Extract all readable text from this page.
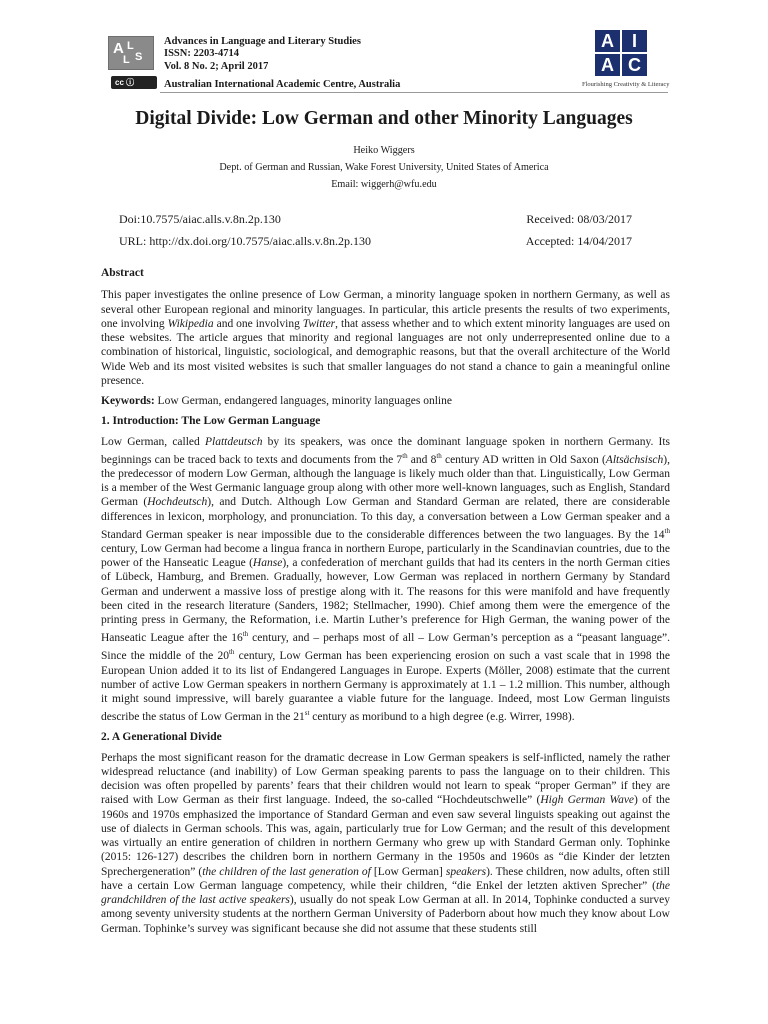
A L
S
L
Advances in Language and Literary Studies
ISSN: 2203-4714
Vol. 8 No. 2; April 2017
cc ⓘ	Australian International Academic Centre, Australia
A I
A C
Flourishing Creativity & Literacy
Digital Divide: Low German and other Minority Languages
Heiko Wiggers
Dept. of German and Russian, Wake Forest University, United States of America
Email: wiggerh@wfu.edu
Doi:10.7575/aiac.alls.v.8n.2p.130	Received: 08/03/2017
URL: http://dx.doi.org/10.7575/aiac.alls.v.8n.2p.130	Accepted: 14/04/2017
Abstract

This paper investigates the online presence of Low German, a minority language spoken in northern Germany, as well as several other European regional and minority languages. In particular, this article presents the results of two experiments, one involving Wikipedia and one involving Twitter, that assess whether and to which extent minority languages are used on these websites. The article argues that minority and regional languages are not only underrepresented online due to a combination of historical, linguistic, sociological, and demographic reasons, but that the overall architecture of the World Wide Web and its most visited websites is such that smaller languages do not stand a chance to gain a meaningful online presence.

Keywords: Low German, endangered languages, minority languages online

1. Introduction: The Low German Language

Low German, called Plattdeutsch by its speakers, was once the dominant language spoken in northern Germany. Its beginnings can be traced back to texts and documents from the 7th and 8th century AD written in Old Saxon (Altsächsisch), the predecessor of modern Low German, although the language is likely much older than that. Linguistically, Low German is a member of the West Germanic language group along with other more well-known languages, such as English, Standard German (Hochdeutsch), and Dutch. Although Low German and Standard German are related, there are considerable differences in lexicon, morphology, and pronunciation. To this day, a conversation between a Low German speaker and a Standard German speaker is near impossible due to the considerable differences between the two languages. By the 14th century, Low German had become a lingua franca in northern Europe, particularly in the Scandinavian countries, due to the power of the Hanseatic League (Hanse), a confederation of merchant guilds that had its centers in the north German cities of Lübeck, Hamburg, and Bremen. Gradually, however, Low German was replaced in northern Germany by Standard German and underwent a massive loss of prestige along with it. The reasons for this were manifold and have frequently been cited in the research literature (Sanders, 1982; Stellmacher, 1990). Chief among them were the emergence of the printing press in Germany, the Reformation, i.e. Martin Luther’s preference for High German, the waning power of the Hanseatic League after the 16th century, and – perhaps most of all – Low German’s perception as a “peasant language”. Since the middle of the 20th century, Low German has been experiencing erosion on such a vast scale that in 1998 the European Union added it to its list of Endangered Languages in Europe. Experts (Möller, 2008) estimate that the current number of active Low German speakers in northern Germany is approximately at 1.1 – 1.2 million. This number, although it might sound impressive, will barely guarantee a viable future for the language. Indeed, most Low German linguists describe the status of Low German in the 21st century as moribund to a high degree (e.g. Wirrer, 1998).

2. A Generational Divide

Perhaps the most significant reason for the dramatic decrease in Low German speakers is self-inflicted, namely the rather widespread reluctance (and inability) of Low German speaking parents to pass the language on to their children. This decision was often propelled by parents’ fears that their children would not learn to speak “proper German” if they are raised with Low German as their first language. Indeed, the so-called “Hochdeutschwelle” (High German Wave) of the 1960s and 1970s emphasized the importance of Standard German and even saw several linguists speaking out against the use of dialects in German schools. This was, again, particularly true for Low German; and the result of this development was virtually an entire generation of children in northern Germany who grew up with Standard German only. Tophinke (2015: 126-127) describes the children born in northern Germany in the 1950s and 1960s as “die Kinder der letzten Sprechergeneration” (the children of the last generation of [Low German] speakers). These children, now adults, often still have a certain Low German language competency, while their children, “die Enkel der letzten aktiven Sprecher” (the grandchildren of the last active speakers), usually do not speak Low German at all. In 2014, Tophinke conducted a survey among seventy university students at the northern German University of Paderborn about how much they know about Low German. Tophinke’s survey was significant because she did not assume that these students still
